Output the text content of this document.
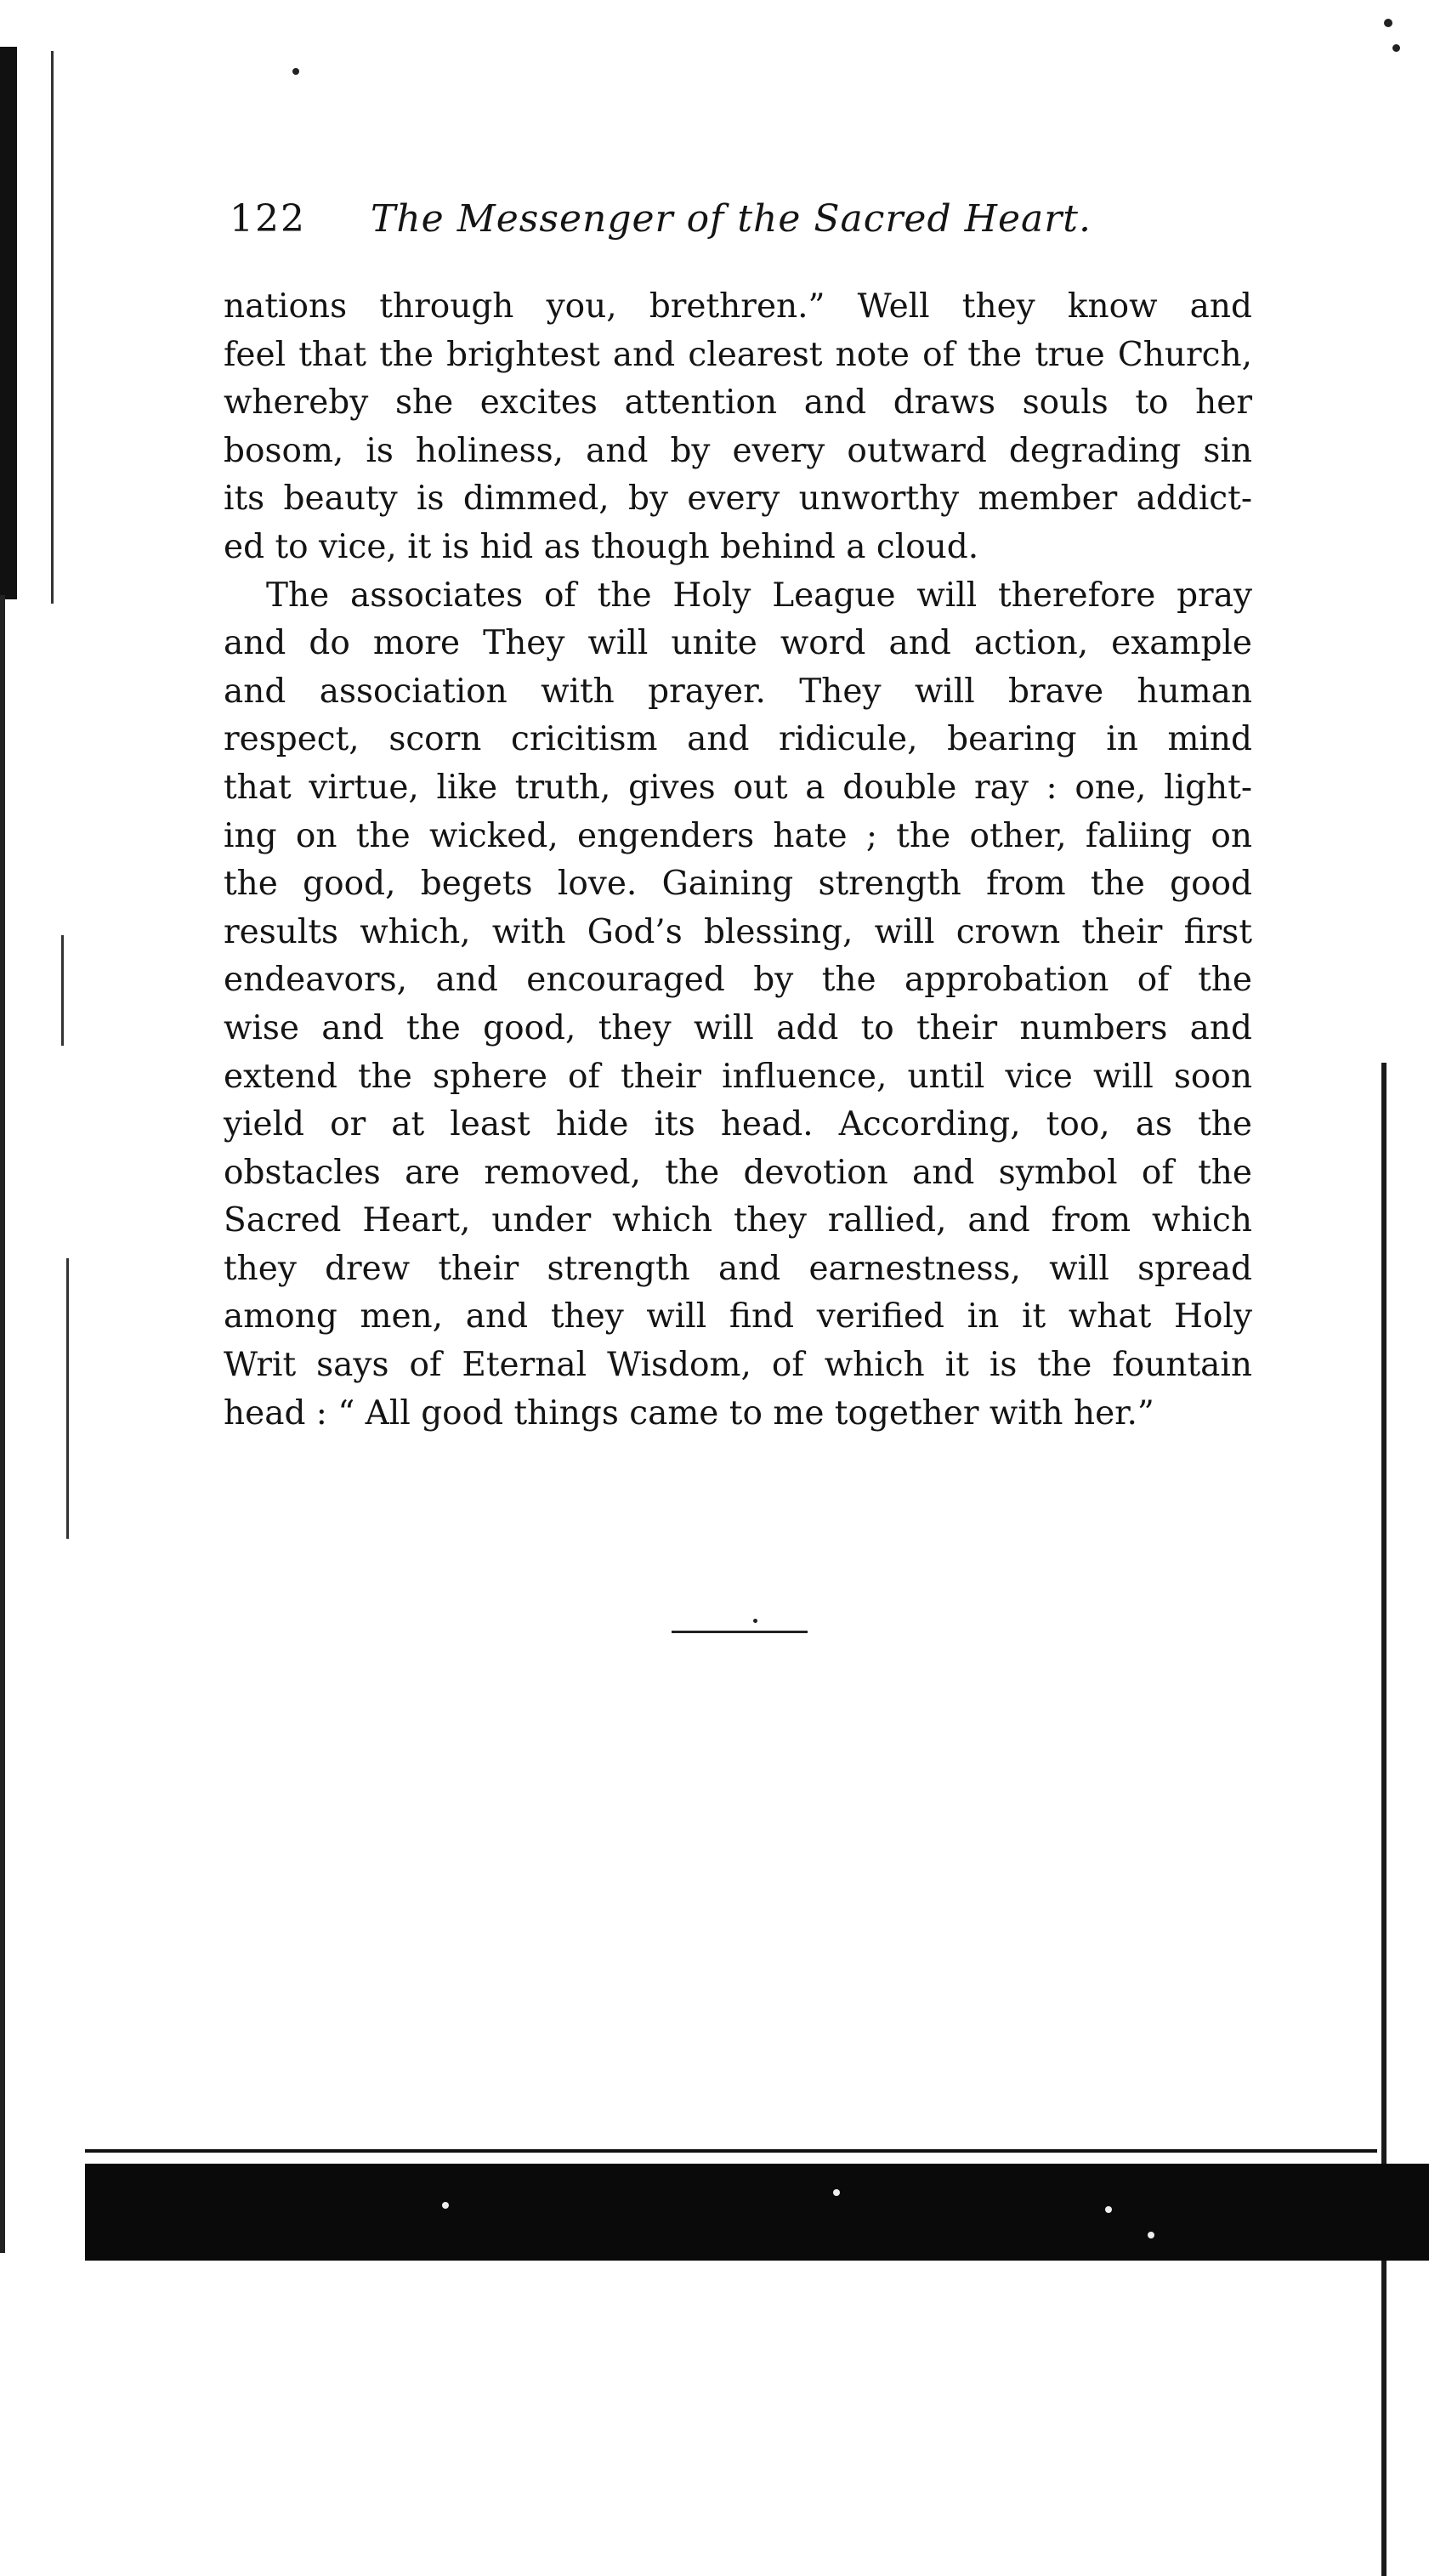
122 The Messenger of the Sacred Heart.
nations through you, brethren.” Well they know and
feel that the brightest and clearest note of the true Church,
whereby she excites attention and draws souls to her
bosom, is holiness, and by every outward degrading sin
its beauty is dimmed, by every unworthy member addict-
ed to vice, it is hid as though behind a cloud.
The associates of the Holy League will therefore pray
and do more They will unite word and action, example
and association with prayer. They will brave human
respect, scorn cricitism and ridicule, bearing in mind
that virtue, like truth, gives out a double ray : one, light-
ing on the wicked, engenders hate ; the other, faliing on
the good, begets love. Gaining strength from the good
results which, with God’s blessing, will crown their first
endeavors, and encouraged by the approbation of the
wise and the good, they will add to their numbers and
extend the sphere of their influence, until vice will soon
yield or at least hide its head. According, too, as the
obstacles are removed, the devotion and symbol of the
Sacred Heart, under which they rallied, and from which
they drew their strength and earnestness, will spread
among men, and they will find verified in it what Holy
Writ says of Eternal Wisdom, of which it is the fountain
head : “ All good things came to me together with her.”
